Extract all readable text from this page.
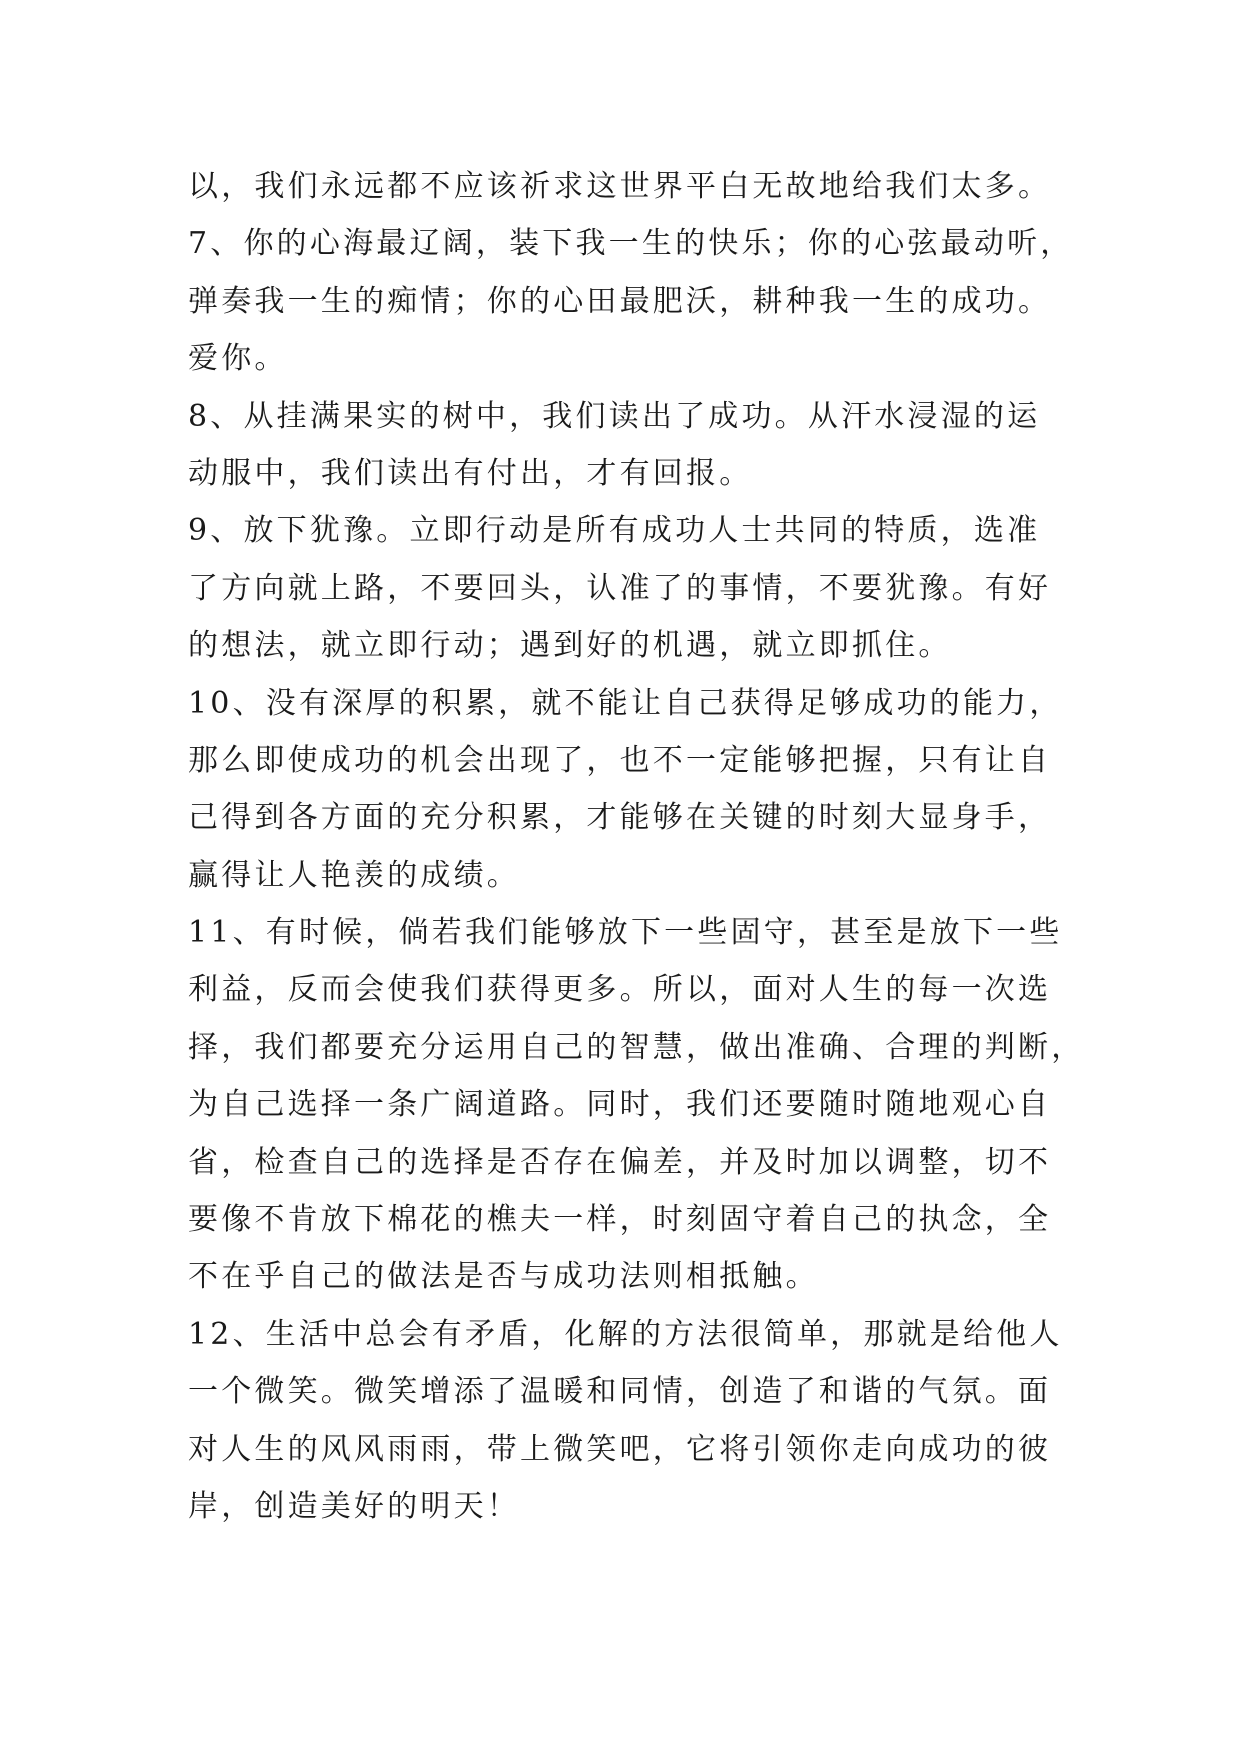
以，我们永远都不应该祈求这世界平白无故地给我们太多。
7、你的心海最辽阔，装下我一生的快乐；你的心弦最动听，
弹奏我一生的痴情；你的心田最肥沃，耕种我一生的成功。
爱你。
8、从挂满果实的树中，我们读出了成功。从汗水浸湿的运
动服中，我们读出有付出，才有回报。
9、放下犹豫。立即行动是所有成功人士共同的特质，选准
了方向就上路，不要回头，认准了的事情，不要犹豫。有好
的想法，就立即行动；遇到好的机遇，就立即抓住。
10、没有深厚的积累，就不能让自己获得足够成功的能力，
那么即使成功的机会出现了，也不一定能够把握，只有让自
己得到各方面的充分积累，才能够在关键的时刻大显身手，
赢得让人艳羡的成绩。
11、有时候，倘若我们能够放下一些固守，甚至是放下一些
利益，反而会使我们获得更多。所以，面对人生的每一次选
择，我们都要充分运用自己的智慧，做出准确、合理的判断，
为自己选择一条广阔道路。同时，我们还要随时随地观心自
省，检查自己的选择是否存在偏差，并及时加以调整，切不
要像不肯放下棉花的樵夫一样，时刻固守着自己的执念，全
不在乎自己的做法是否与成功法则相抵触。
12、生活中总会有矛盾，化解的方法很简单，那就是给他人
一个微笑。微笑增添了温暖和同情，创造了和谐的气氛。面
对人生的风风雨雨，带上微笑吧，它将引领你走向成功的彼
岸，创造美好的明天！
